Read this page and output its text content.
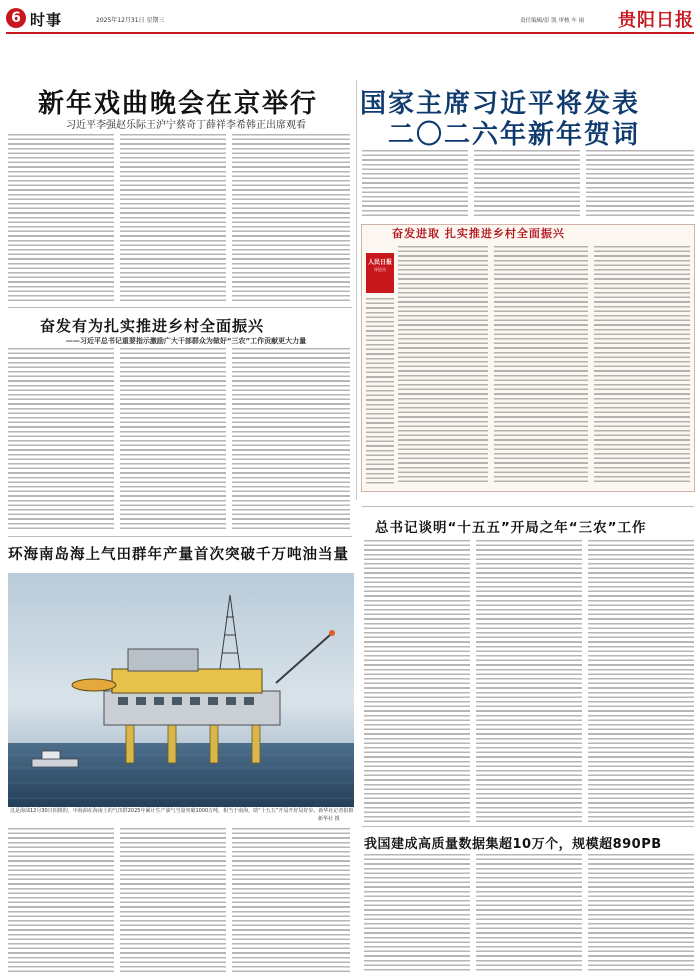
6 时事	2025年12月31日 星期三	责任编辑/彭 凯 审核 车 雨 贵阳日报
新年戏曲晚会在京举行
习近平李强赵乐际王沪宁蔡奇丁薛祥李希韩正出席观看
国家主席习近平将发表
二〇二六年新年贺词
奋发有为扎实推进乡村全面振兴
——习近平总书记重要指示激励广大干部群众为做好“三农”工作贡献更大力量
奋发进取 扎实推进乡村全面振兴
人民日报
评论员
总书记谈明“十五五”开局之年“三农”工作
环海南岛海上气田群年产量首次突破千万吨油当量
这是海油12月30日拍摄的，中海油在海南上的气田群2025年累计生产油气当量突破1000万吨，相当于南海，助“十五五”开局开好局好步。新华社记者拍摄
新华社 摄
我国建成高质量数据集超10万个，规模超890PB
